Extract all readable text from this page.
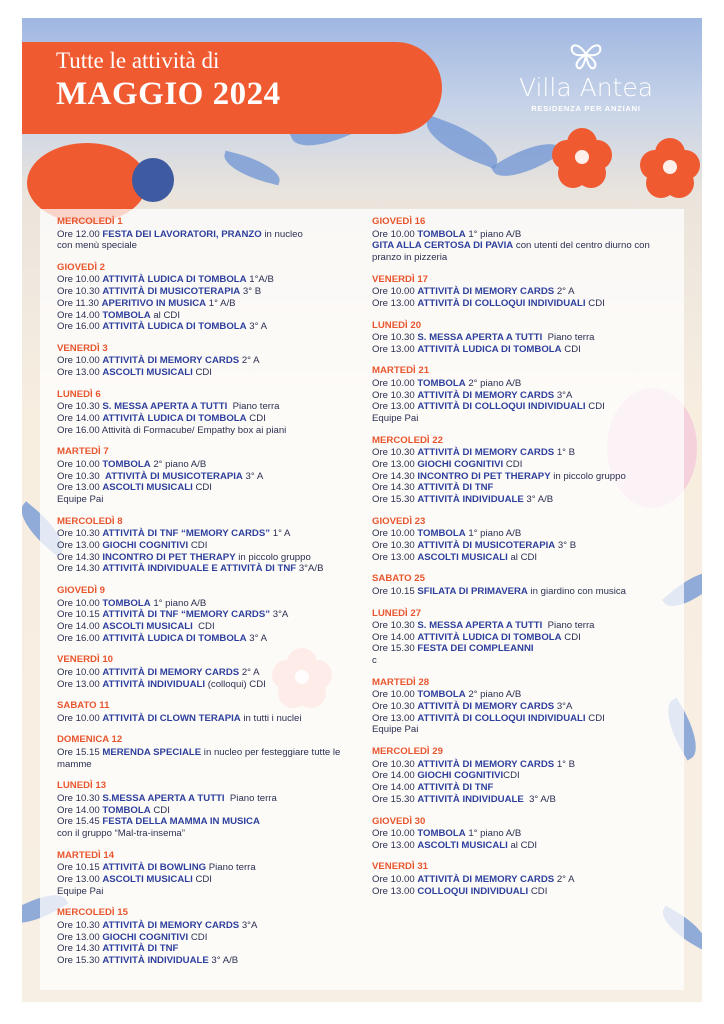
Tutte le attività di
MAGGIO 2024	Villa Antea
RESIDENZA PER ANZIANI
MERCOLEDÌ 1
Ore 12.00 FESTA DEI LAVORATORI, PRANZO in nucleo
con menù speciale
GIOVEDÌ 2
Ore 10.00 ATTIVITÀ LUDICA DI TOMBOLA 1°A/B
Ore 10.30 ATTIVITÀ DI MUSICOTERAPIA 3° B
Ore 11.30 APERITIVO IN MUSICA 1° A/B
Ore 14.00 TOMBOLA al CDI
Ore 16.00 ATTIVITÀ LUDICA DI TOMBOLA 3° A
VENERDÌ 3
Ore 10.00 ATTIVITÀ DI MEMORY CARDS 2° A
Ore 13.00 ASCOLTI MUSICALI CDI
LUNEDÌ 6
Ore 10.30 S. MESSA APERTA A TUTTI  Piano terra
Ore 14.00 ATTIVITÀ LUDICA DI TOMBOLA CDI
Ore 16.00 Attività di Formacube/ Empathy box ai piani
MARTEDÌ 7
Ore 10.00 TOMBOLA 2° piano A/B
Ore 10.30  ATTIVITÀ DI MUSICOTERAPIA 3° A
Ore 13.00 ASCOLTI MUSICALI CDI
Equipe Pai
MERCOLEDÌ 8
Ore 10.30 ATTIVITÀ DI TNF “MEMORY CARDS” 1° A
Ore 13.00 GIOCHI COGNITIVI CDI
Ore 14.30 INCONTRO DI PET THERAPY in piccolo gruppo
Ore 14.30 ATTIVITÀ INDIVIDUALE E ATTIVITÀ DI TNF 3°A/B
GIOVEDÌ 9
Ore 10.00 TOMBOLA 1° piano A/B
Ore 10.15 ATTIVITÀ DI TNF “MEMORY CARDS” 3°A
Ore 14.00 ASCOLTI MUSICALI  CDI
Ore 16.00 ATTIVITÀ LUDICA DI TOMBOLA 3° A
VENERDÌ 10
Ore 10.00 ATTIVITÀ DI MEMORY CARDS 2° A
Ore 13.00 ATTIVITÀ INDIVIDUALI (colloqui) CDI
SABATO 11
Ore 10.00 ATTIVITÀ DI CLOWN TERAPIA in tutti i nuclei
DOMENICA 12
Ore 15.15 MERENDA SPECIALE in nucleo per festeggiare tutte le
mamme
LUNEDÌ 13
Ore 10.30 S.MESSA APERTA A TUTTI  Piano terra
Ore 14.00 TOMBOLA CDI
Ore 15.45 FESTA DELLA MAMMA IN MUSICA
con il gruppo “Mal-tra-insema”
MARTEDÌ 14
Ore 10.15 ATTIVITÀ DI BOWLING Piano terra
Ore 13.00 ASCOLTI MUSICALI CDI
Equipe Pai
MERCOLEDÌ 15
Ore 10.30 ATTIVITÀ DI MEMORY CARDS 3°A
Ore 13.00 GIOCHI COGNITIVI CDI
Ore 14.30 ATTIVITÀ DI TNF
Ore 15.30 ATTIVITÀ INDIVIDUALE 3° A/B
GIOVEDÌ 16
Ore 10.00 TOMBOLA 1° piano A/B
GITA ALLA CERTOSA DI PAVIA con utenti del centro diurno con
pranzo in pizzeria
VENERDÌ 17
Ore 10.00 ATTIVITÀ DI MEMORY CARDS 2° A
Ore 13.00 ATTIVITÀ DI COLLOQUI INDIVIDUALI CDI
LUNEDÌ 20
Ore 10.30 S. MESSA APERTA A TUTTI  Piano terra
Ore 13.00 ATTIVITÀ LUDICA DI TOMBOLA CDI
MARTEDÌ 21
Ore 10.00 TOMBOLA 2° piano A/B
Ore 10.30 ATTIVITÀ DI MEMORY CARDS 3°A
Ore 13.00 ATTIVITÀ DI COLLOQUI INDIVIDUALI CDI
Equipe Pai
MERCOLEDÌ 22
Ore 10.30 ATTIVITÀ DI MEMORY CARDS 1° B
Ore 13.00 GIOCHI COGNITIVI CDI
Ore 14.30 INCONTRO DI PET THERAPY in piccolo gruppo
Ore 14.30 ATTIVITÀ DI TNF
Ore 15.30 ATTIVITÀ INDIVIDUALE 3° A/B
GIOVEDÌ 23
Ore 10.00 TOMBOLA 1° piano A/B
Ore 10.30 ATTIVITÀ DI MUSICOTERAPIA 3° B
Ore 13.00 ASCOLTI MUSICALI al CDI
SABATO 25
Ore 10.15 SFILATA DI PRIMAVERA in giardino con musica
LUNEDÌ 27
Ore 10.30 S. MESSA APERTA A TUTTI  Piano terra
Ore 14.00 ATTIVITÀ LUDICA DI TOMBOLA CDI
Ore 15.30 FESTA DEI COMPLEANNI
c
MARTEDÌ 28
Ore 10.00 TOMBOLA 2° piano A/B
Ore 10.30 ATTIVITÀ DI MEMORY CARDS 3°A
Ore 13.00 ATTIVITÀ DI COLLOQUI INDIVIDUALI CDI
Equipe Pai
MERCOLEDÌ 29
Ore 10.30 ATTIVITÀ DI MEMORY CARDS 1° B
Ore 14.00 GIOCHI COGNITIVICDI
Ore 14.00 ATTIVITÀ DI TNF
Ore 15.30 ATTIVITÀ INDIVIDUALE  3° A/B
GIOVEDÌ 30
Ore 10.00 TOMBOLA 1° piano A/B
Ore 13.00 ASCOLTI MUSICALI al CDI
VENERDÌ 31
Ore 10.00 ATTIVITÀ DI MEMORY CARDS 2° A
Ore 13.00 COLLOQUI INDIVIDUALI CDI
